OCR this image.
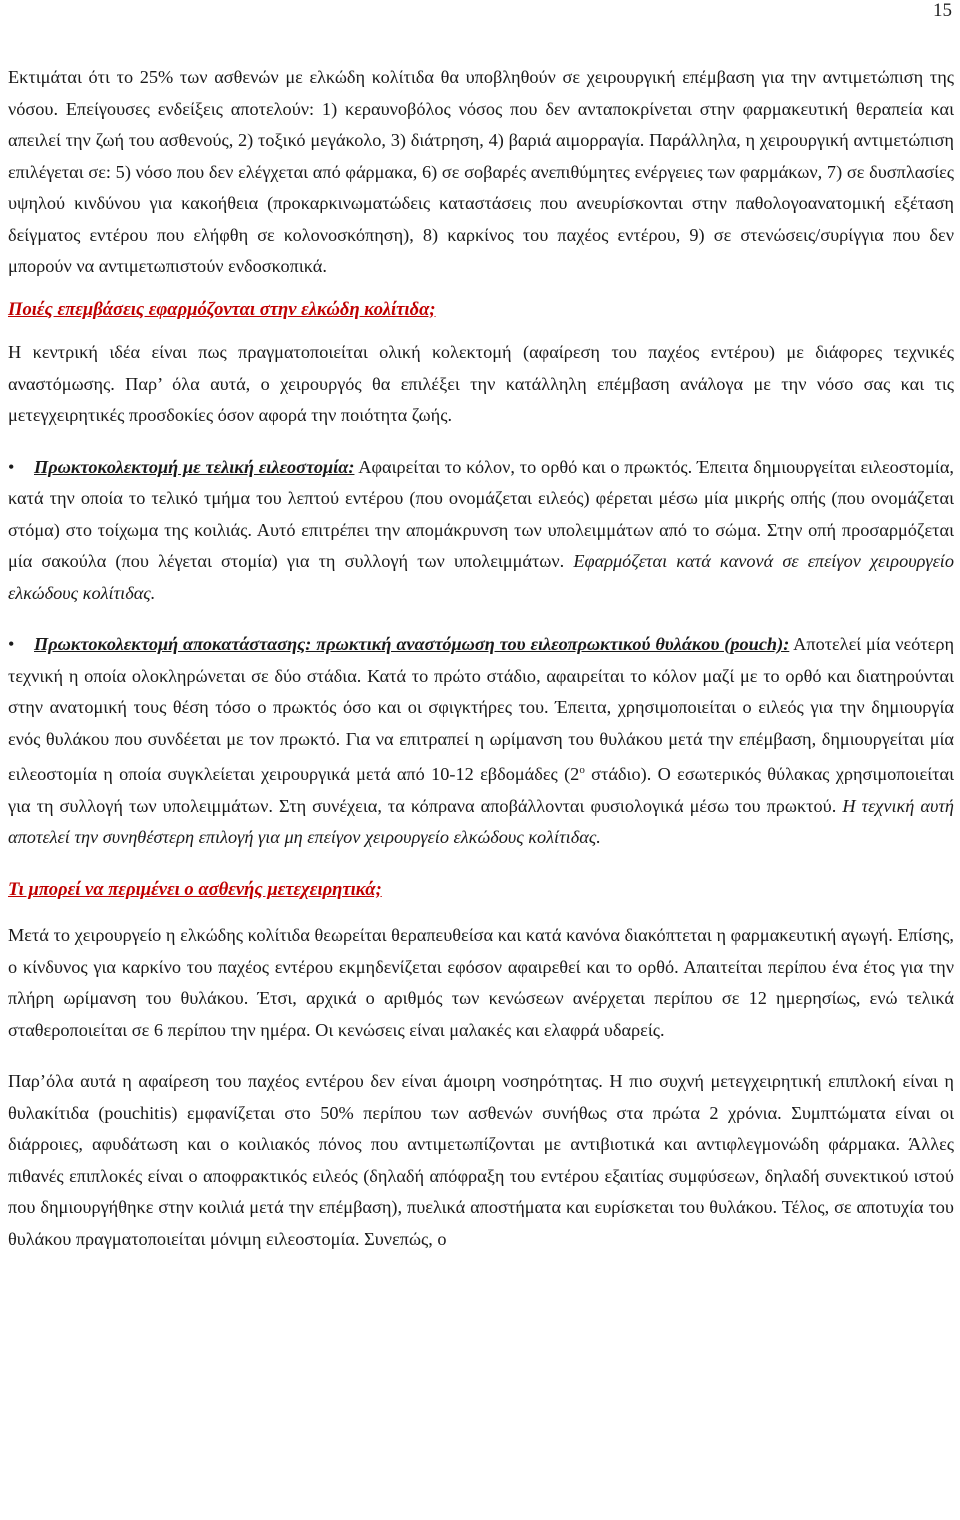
15

Εκτιμάται ότι το 25% των ασθενών με ελκώδη κολίτιδα θα υποβληθούν σε χειρουργική επέμβαση για την αντιμετώπιση της νόσου. Επείγουσες ενδείξεις αποτελούν: 1) κεραυνοβόλος νόσος που δεν ανταποκρίνεται στην φαρμακευτική θεραπεία και απειλεί την ζωή του ασθενούς, 2) τοξικό μεγάκολο, 3) διάτρηση, 4) βαριά αιμορραγία. Παράλληλα, η χειρουργική αντιμετώπιση επιλέγεται σε: 5) νόσο που δεν ελέγχεται από φάρμακα, 6) σε σοβαρές ανεπιθύμητες ενέργειες των φαρμάκων, 7) σε δυσπλασίες υψηλού κινδύνου για κακοήθεια (προκαρκινωματώδεις καταστάσεις που ανευρίσκονται στην παθολογοανατομική εξέταση δείγματος εντέρου που ελήφθη σε κολονοσκόπηση), 8) καρκίνος του παχέος εντέρου, 9) σε στενώσεις/συρίγγια που δεν μπορούν να αντιμετωπιστούν ενδοσκοπικά.

Ποιές επεμβάσεις εφαρμόζονται στην ελκώδη κολίτιδα;

Η κεντρική ιδέα είναι πως πραγματοποιείται ολική κολεκτομή (αφαίρεση του παχέος εντέρου) με διάφορες τεχνικές αναστόμωσης. Παρ’ όλα αυτά, ο χειρουργός θα επιλέξει την κατάλληλη επέμβαση ανάλογα με την νόσο σας και τις μετεγχειρητικές προσδοκίες όσον αφορά την ποιότητα ζωής.

• Πρωκτοκολεκτομή με τελική ειλεοστομία: Αφαιρείται το κόλον, το ορθό και ο πρωκτός. Έπειτα δημιουργείται ειλεοστομία, κατά την οποία το τελικό τμήμα του λεπτού εντέρου (που ονομάζεται ειλεός) φέρεται μέσω μία μικρής οπής (που ονομάζεται στόμα) στο τοίχωμα της κοιλιάς. Αυτό επιτρέπει την απομάκρυνση των υπολειμμάτων από το σώμα. Στην οπή προσαρμόζεται μία σακούλα (που λέγεται στομία) για τη συλλογή των υπολειμμάτων. Εφαρμόζεται κατά κανονά σε επείγον χειρουργείο ελκώδους κολίτιδας.

• Πρωκτοκολεκτομή αποκατάστασης: πρωκτική αναστόμωση του ειλεοπρωκτικού θυλάκου (pouch): Αποτελεί μία νεότερη τεχνική η οποία ολοκληρώνεται σε δύο στάδια. Κατά το πρώτο στάδιο, αφαιρείται το κόλον μαζί με το ορθό και διατηρούνται στην ανατομική τους θέση τόσο ο πρωκτός όσο και οι σφιγκτήρες του. Έπειτα, χρησιμοποιείται ο ειλεός για την δημιουργία ενός θυλάκου που συνδέεται με τον πρωκτό. Για να επιτραπεί η ωρίμανση του θυλάκου μετά την επέμβαση, δημιουργείται μία ειλεοστομία η οποία συγκλείεται χειρουργικά μετά από 10-12 εβδομάδες ($2^o$ στάδιο). Ο εσωτερικός θύλακας χρησιμοποιείται για τη συλλογή των υπολειμμάτων. Στη συνέχεια, τα κόπρανα αποβάλλονται φυσιολογικά μέσω του πρωκτού. Η τεχνική αυτή αποτελεί την συνηθέστερη επιλογή για μη επείγον χειρουργείο ελκώδους κολίτιδας.

Τι μπορεί να περιμένει ο ασθενής μετεχειρητικά;

Μετά το χειρουργείο η ελκώδης κολίτιδα θεωρείται θεραπευθείσα και κατά κανόνα διακόπτεται η φαρμακευτική αγωγή. Επίσης, ο κίνδυνος για καρκίνο του παχέος εντέρου εκμηδενίζεται εφόσον αφαιρεθεί και το ορθό. Απαιτείται περίπου ένα έτος για την πλήρη ωρίμανση του θυλάκου. Έτσι, αρχικά ο αριθμός των κενώσεων ανέρχεται περίπου σε 12 ημερησίως, ενώ τελικά σταθεροποιείται σε 6 περίπου την ημέρα. Οι κενώσεις είναι μαλακές και ελαφρά υδαρείς.

Παρ’όλα αυτά η αφαίρεση του παχέος εντέρου δεν είναι άμοιρη νοσηρότητας. Η πιο συχνή μετεγχειρητική επιπλοκή είναι η θυλακίτιδα (pouchitis) εμφανίζεται στο 50% περίπου των ασθενών συνήθως στα πρώτα 2 χρόνια. Συμπτώματα είναι οι διάρροιες, αφυδάτωση και ο κοιλιακός πόνος που αντιμετωπίζονται με αντιβιοτικά και αντιφλεγμονώδη φάρμακα. Άλλες πιθανές επιπλοκές είναι ο αποφρακτικός ειλεός (δηλαδή απόφραξη του εντέρου εξαιτίας συμφύσεων, δηλαδή συνεκτικού ιστού που δημιουργήθηκε στην κοιλιά μετά την επέμβαση), πυελικά αποστήματα και ευρίσκεται του θυλάκου. Τέλος, σε αποτυχία του θυλάκου πραγματοποιείται μόνιμη ειλεοστομία. Συνεπώς, ο
